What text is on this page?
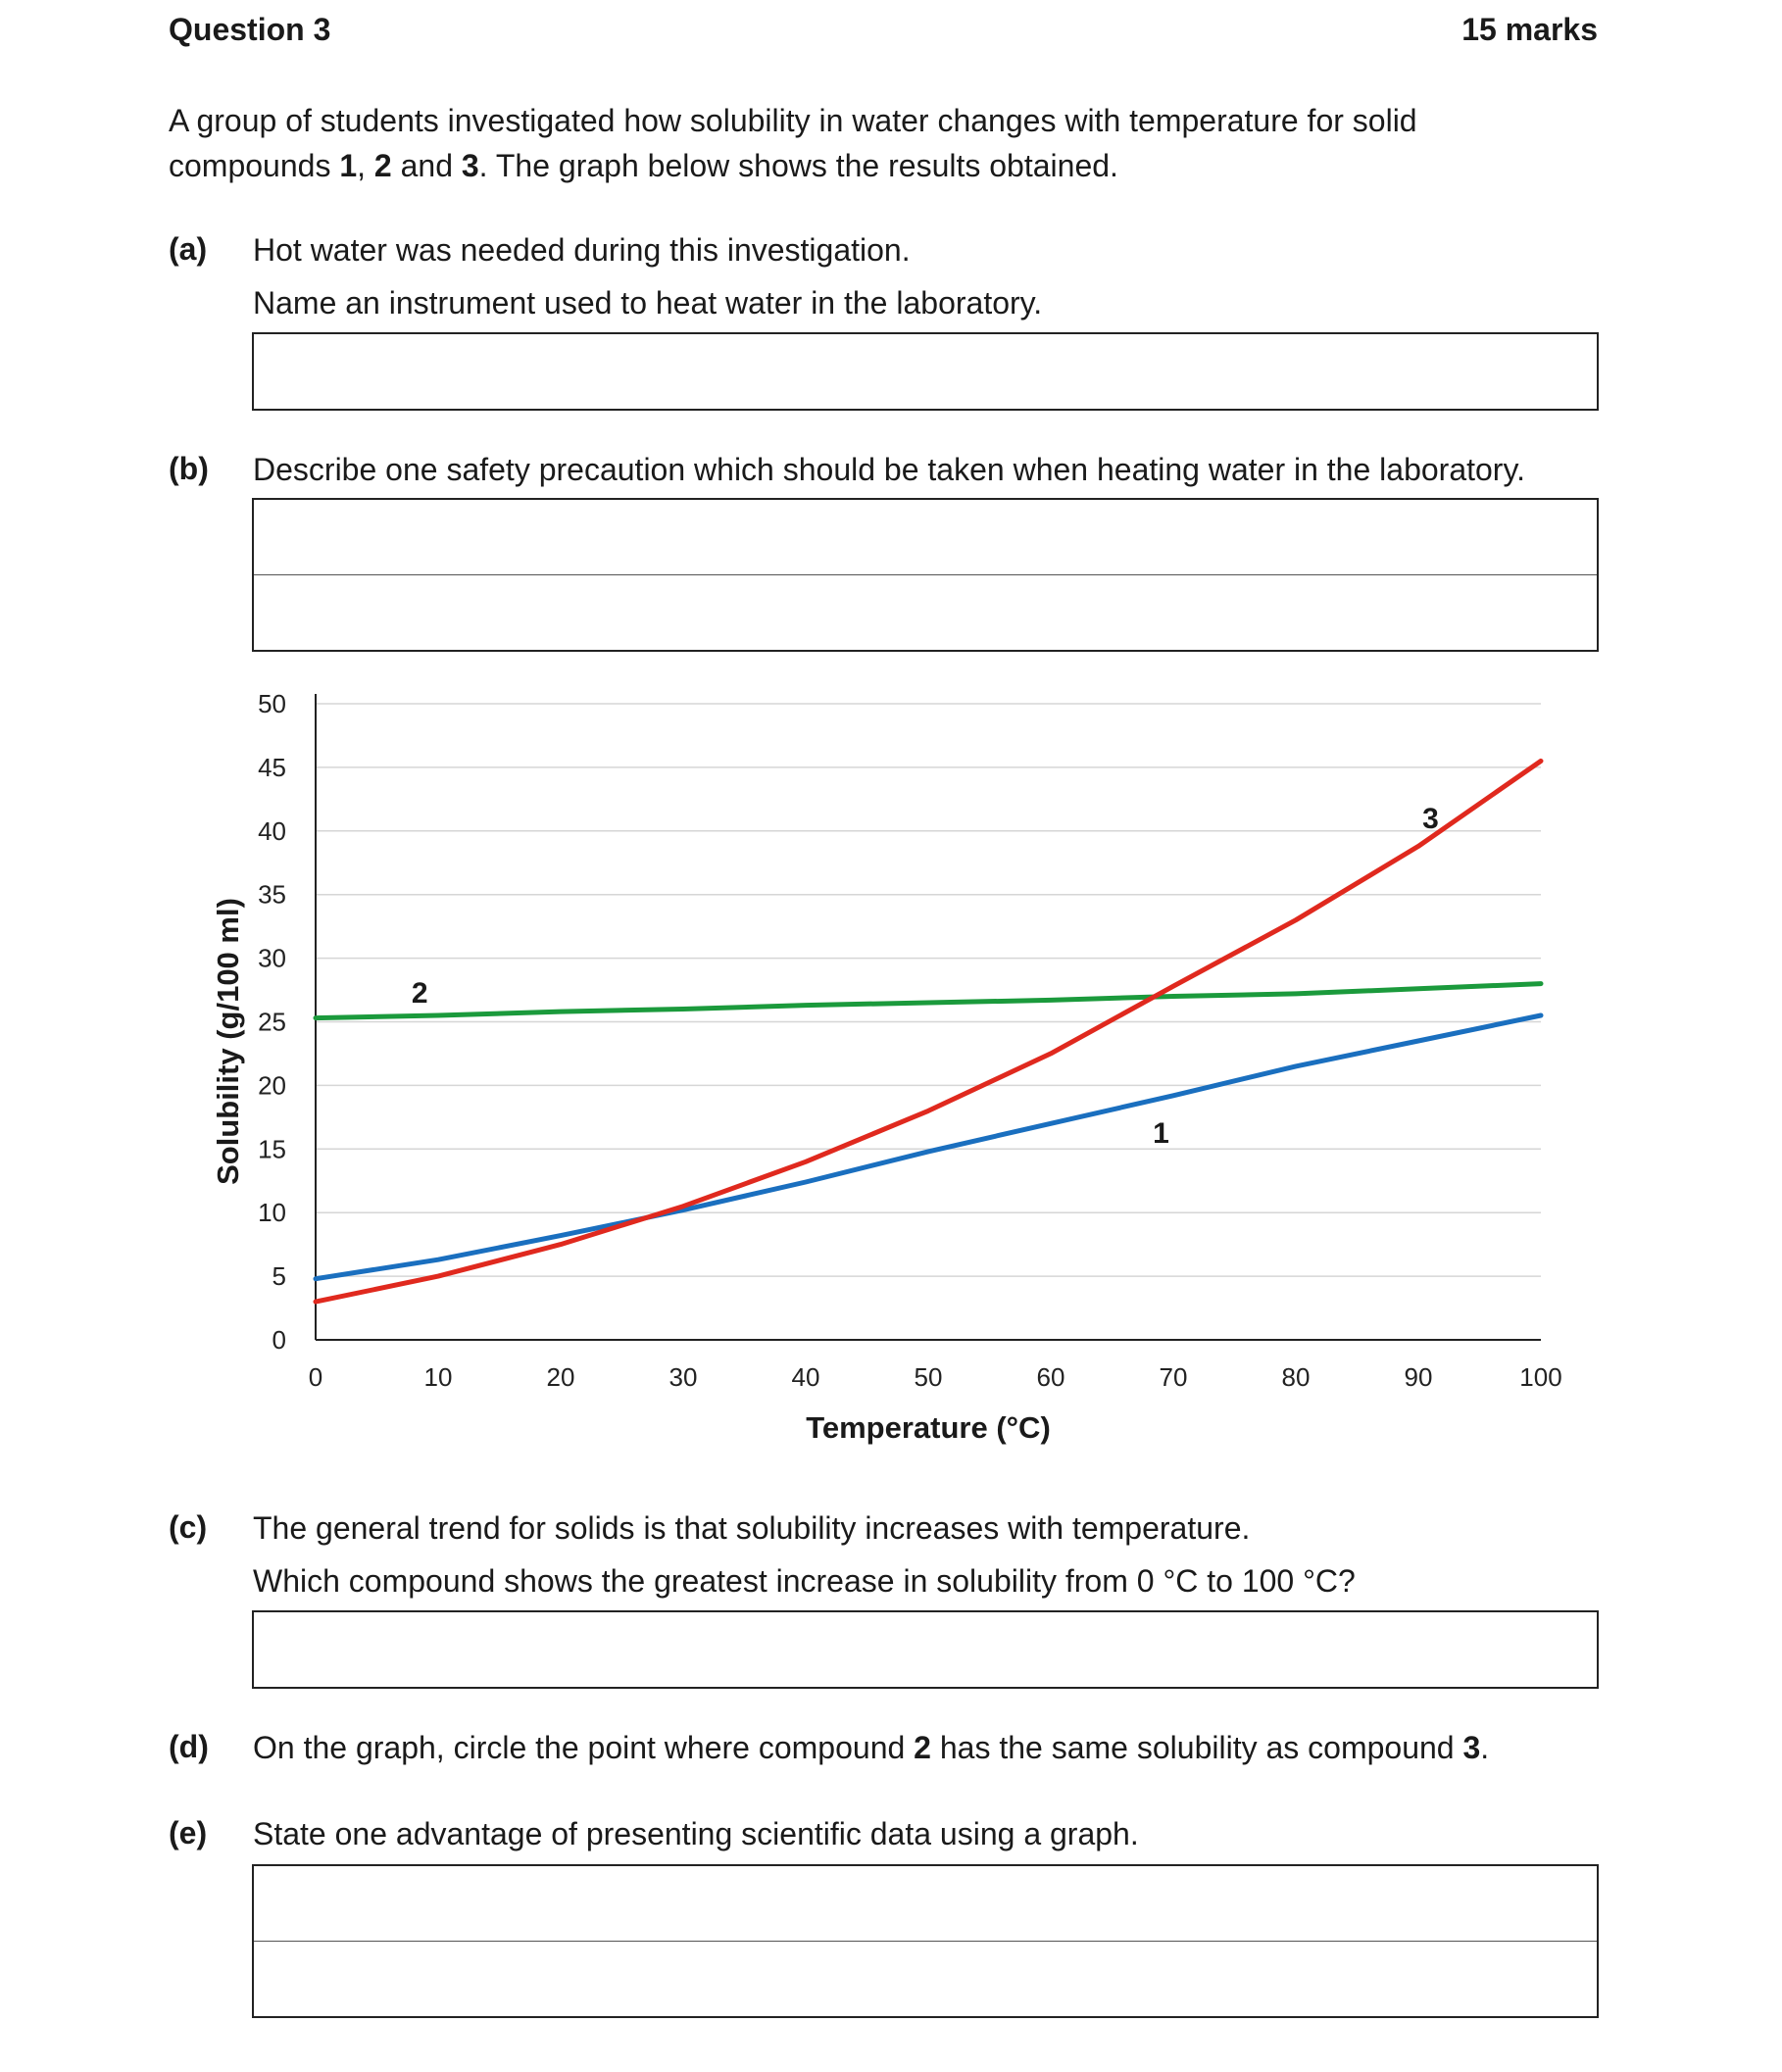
Question 3	15 marks
A group of students investigated how solubility in water changes with temperature for solid
compounds 1, 2 and 3. The graph below shows the results obtained.
(a) Hot water was needed during this investigation.
Name an instrument used to heat water in the laboratory.
(b) Describe one safety precaution which should be taken when heating water in the laboratory.
0
5
10
15
20
25
30
35
40
45
50
0	10	20	30	40	50	60	70	80	90	100
Temperature (°C)
Solubility (g/100 ml)	1
2
3
(c) The general trend for solids is that solubility increases with temperature.
Which compound shows the greatest increase in solubility from 0 °C to 100 °C?
(d) On the graph, circle the point where compound 2 has the same solubility as compound 3.
(e) State one advantage of presenting scientific data using a graph.
